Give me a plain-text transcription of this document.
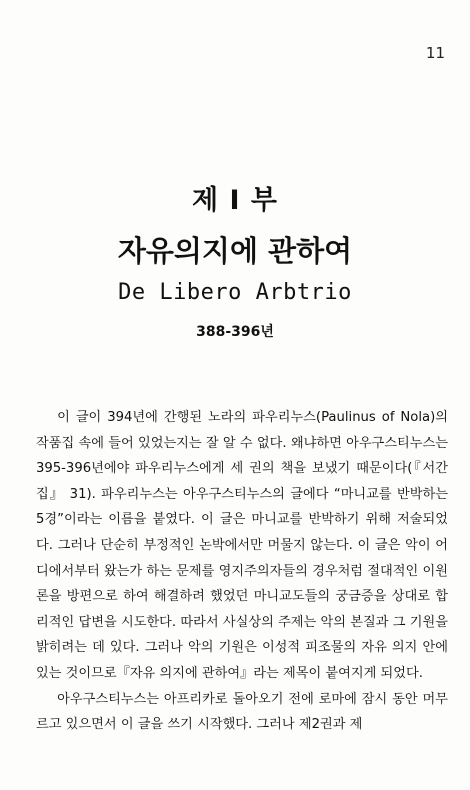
11

제 I 부

자유의지에 관하여

De Libero Arbtrio

388-396년

이 글이 394년에 간행된 노라의 파우리누스(Paulinus of Nola)의 작품집 속에 들어 있었는지는 잘 알 수 없다. 왜냐하면 아우구스티누스는 395-396년에야 파우리누스에게 세 권의 책을 보냈기 때문이다(『서간집』 31). 파우리누스는 아우구스티누스의 글에다 “마니교를 반박하는 5경”이라는 이름을 붙였다. 이 글은 마니교를 반박하기 위해 저술되었다. 그러나 단순히 부정적인 논박에서만 머물지 않는다. 이 글은 악이 어디에서부터 왔는가 하는 문제를 영지주의자들의 경우처럼 절대적인 이원론을 방편으로 하여 해결하려 했었던 마니교도들의 궁금증을 상대로 합리적인 답변을 시도한다. 따라서 사실상의 주제는 악의 본질과 그 기원을 밝히려는 데 있다. 그러나 악의 기원은 이성적 피조물의 자유 의지 안에 있는 것이므로『자유 의지에 관하여』라는 제목이 붙여지게 되었다.

아우구스티누스는 아프리카로 돌아오기 전에 로마에 잠시 동안 머무르고 있으면서 이 글을 쓰기 시작했다. 그러나 제2권과 제
